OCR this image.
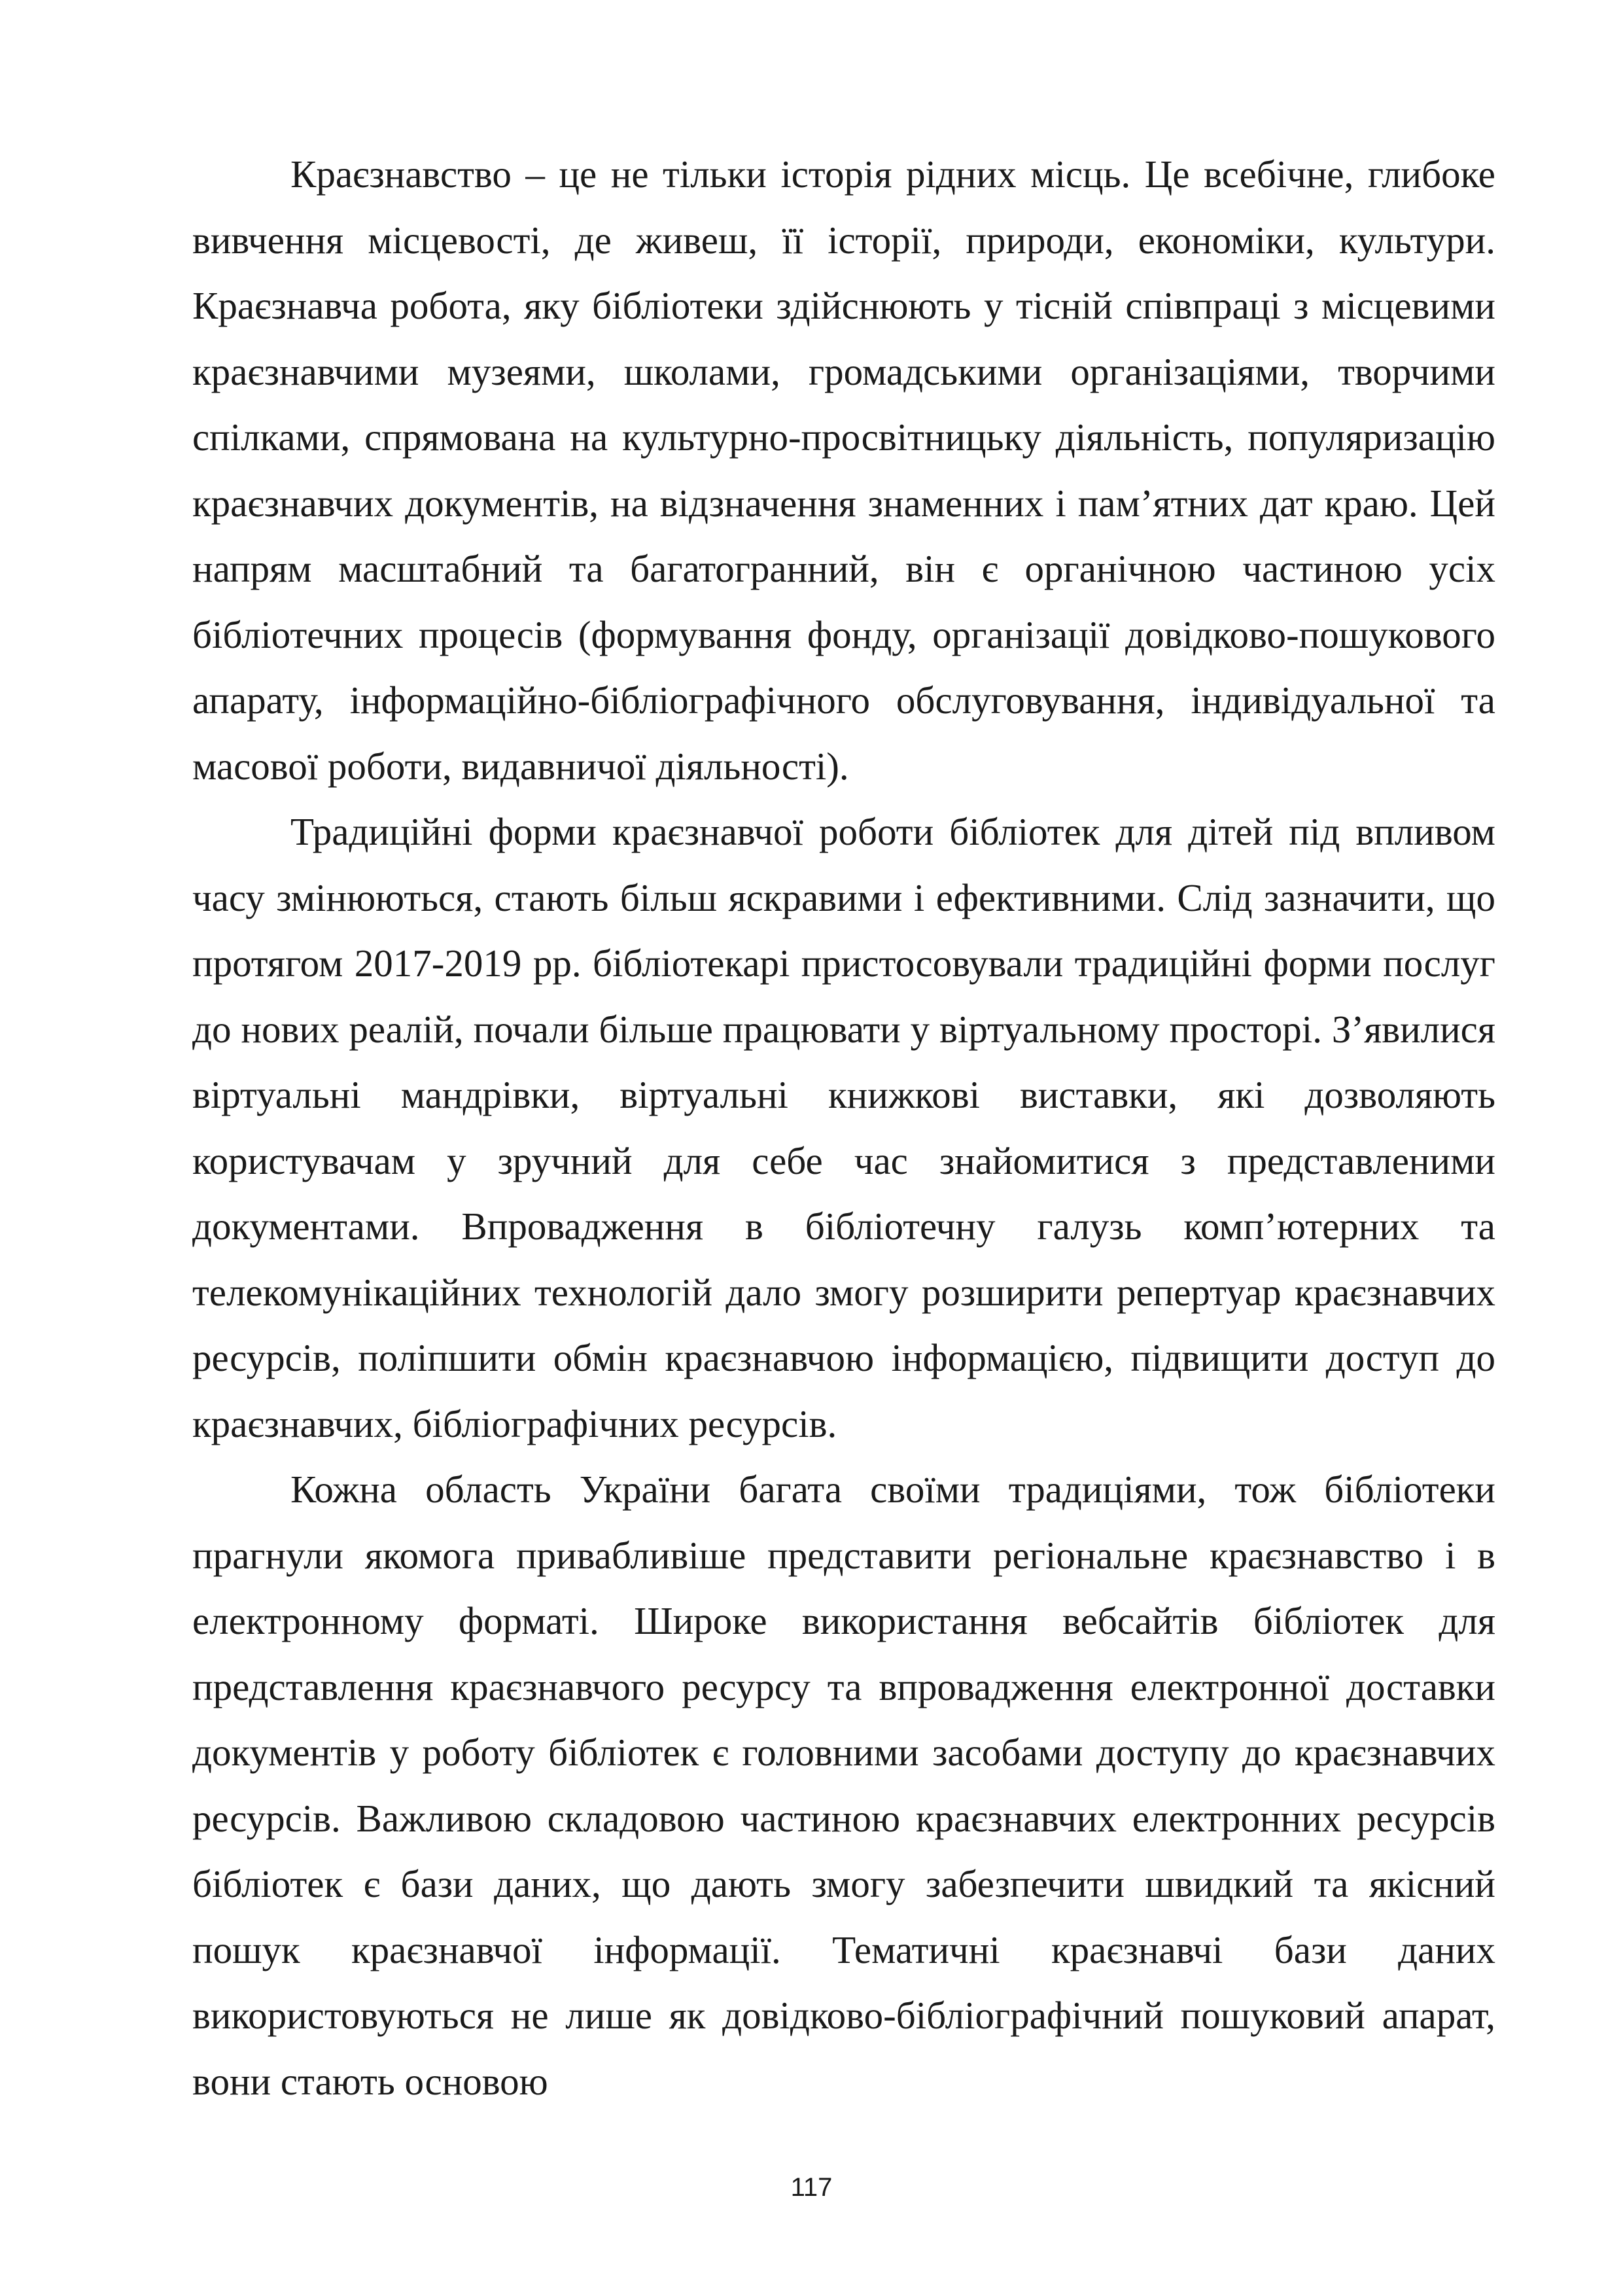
Краєзнавство – це не тільки історія рідних місць. Це всебічне, глибоке вивчення місцевості, де живеш, її історії, природи, економіки, культури. Краєзнавча робота, яку бібліотеки здійснюють у тісній співпраці з місцевими краєзнавчими музеями, школами, громадськими організаціями, творчими спілками, спрямована на культурно-просвітницьку діяльність, популяризацію краєзнавчих документів, на відзначення знаменних і пам’ятних дат краю. Цей напрям масштабний та багатогранний, він є органічною частиною усіх бібліотечних процесів (формування фонду, організації довідково-пошукового апарату, інформаційно-бібліографічного обслуговування, індивідуальної та масової роботи, видавничої діяльності).

Традиційні форми краєзнавчої роботи бібліотек для дітей під впливом часу змінюються, стають більш яскравими і ефективними. Слід зазначити, що протягом 2017-2019 рр. бібліотекарі пристосовували традиційні форми послуг до нових реалій, почали більше працювати у віртуальному просторі. З’явилися віртуальні мандрівки, віртуальні книжкові виставки, які дозволяють користувачам у зручний для себе час знайомитися з представленими документами. Впровадження в бібліотечну галузь комп’ютерних та телекомунікаційних технологій дало змогу розширити репертуар краєзнавчих ресурсів, поліпшити обмін краєзнавчою інформацією, підвищити доступ до краєзнавчих, бібліографічних ресурсів.

Кожна область України багата своїми традиціями, тож бібліотеки прагнули якомога привабливіше представити регіональне краєзнавство і в електронному форматі. Широке використання вебсайтів бібліотек для представлення краєзнавчого ресурсу та впровадження електронної доставки документів у роботу бібліотек є головними засобами доступу до краєзнавчих ресурсів. Важливою складовою частиною краєзнавчих електронних ресурсів бібліотек є бази даних, що дають змогу забезпечити швидкий та якісний пошук краєзнавчої інформації. Тематичні краєзнавчі бази даних використовуються не лише як довідково-бібліографічний пошуковий апарат, вони стають основою

117
